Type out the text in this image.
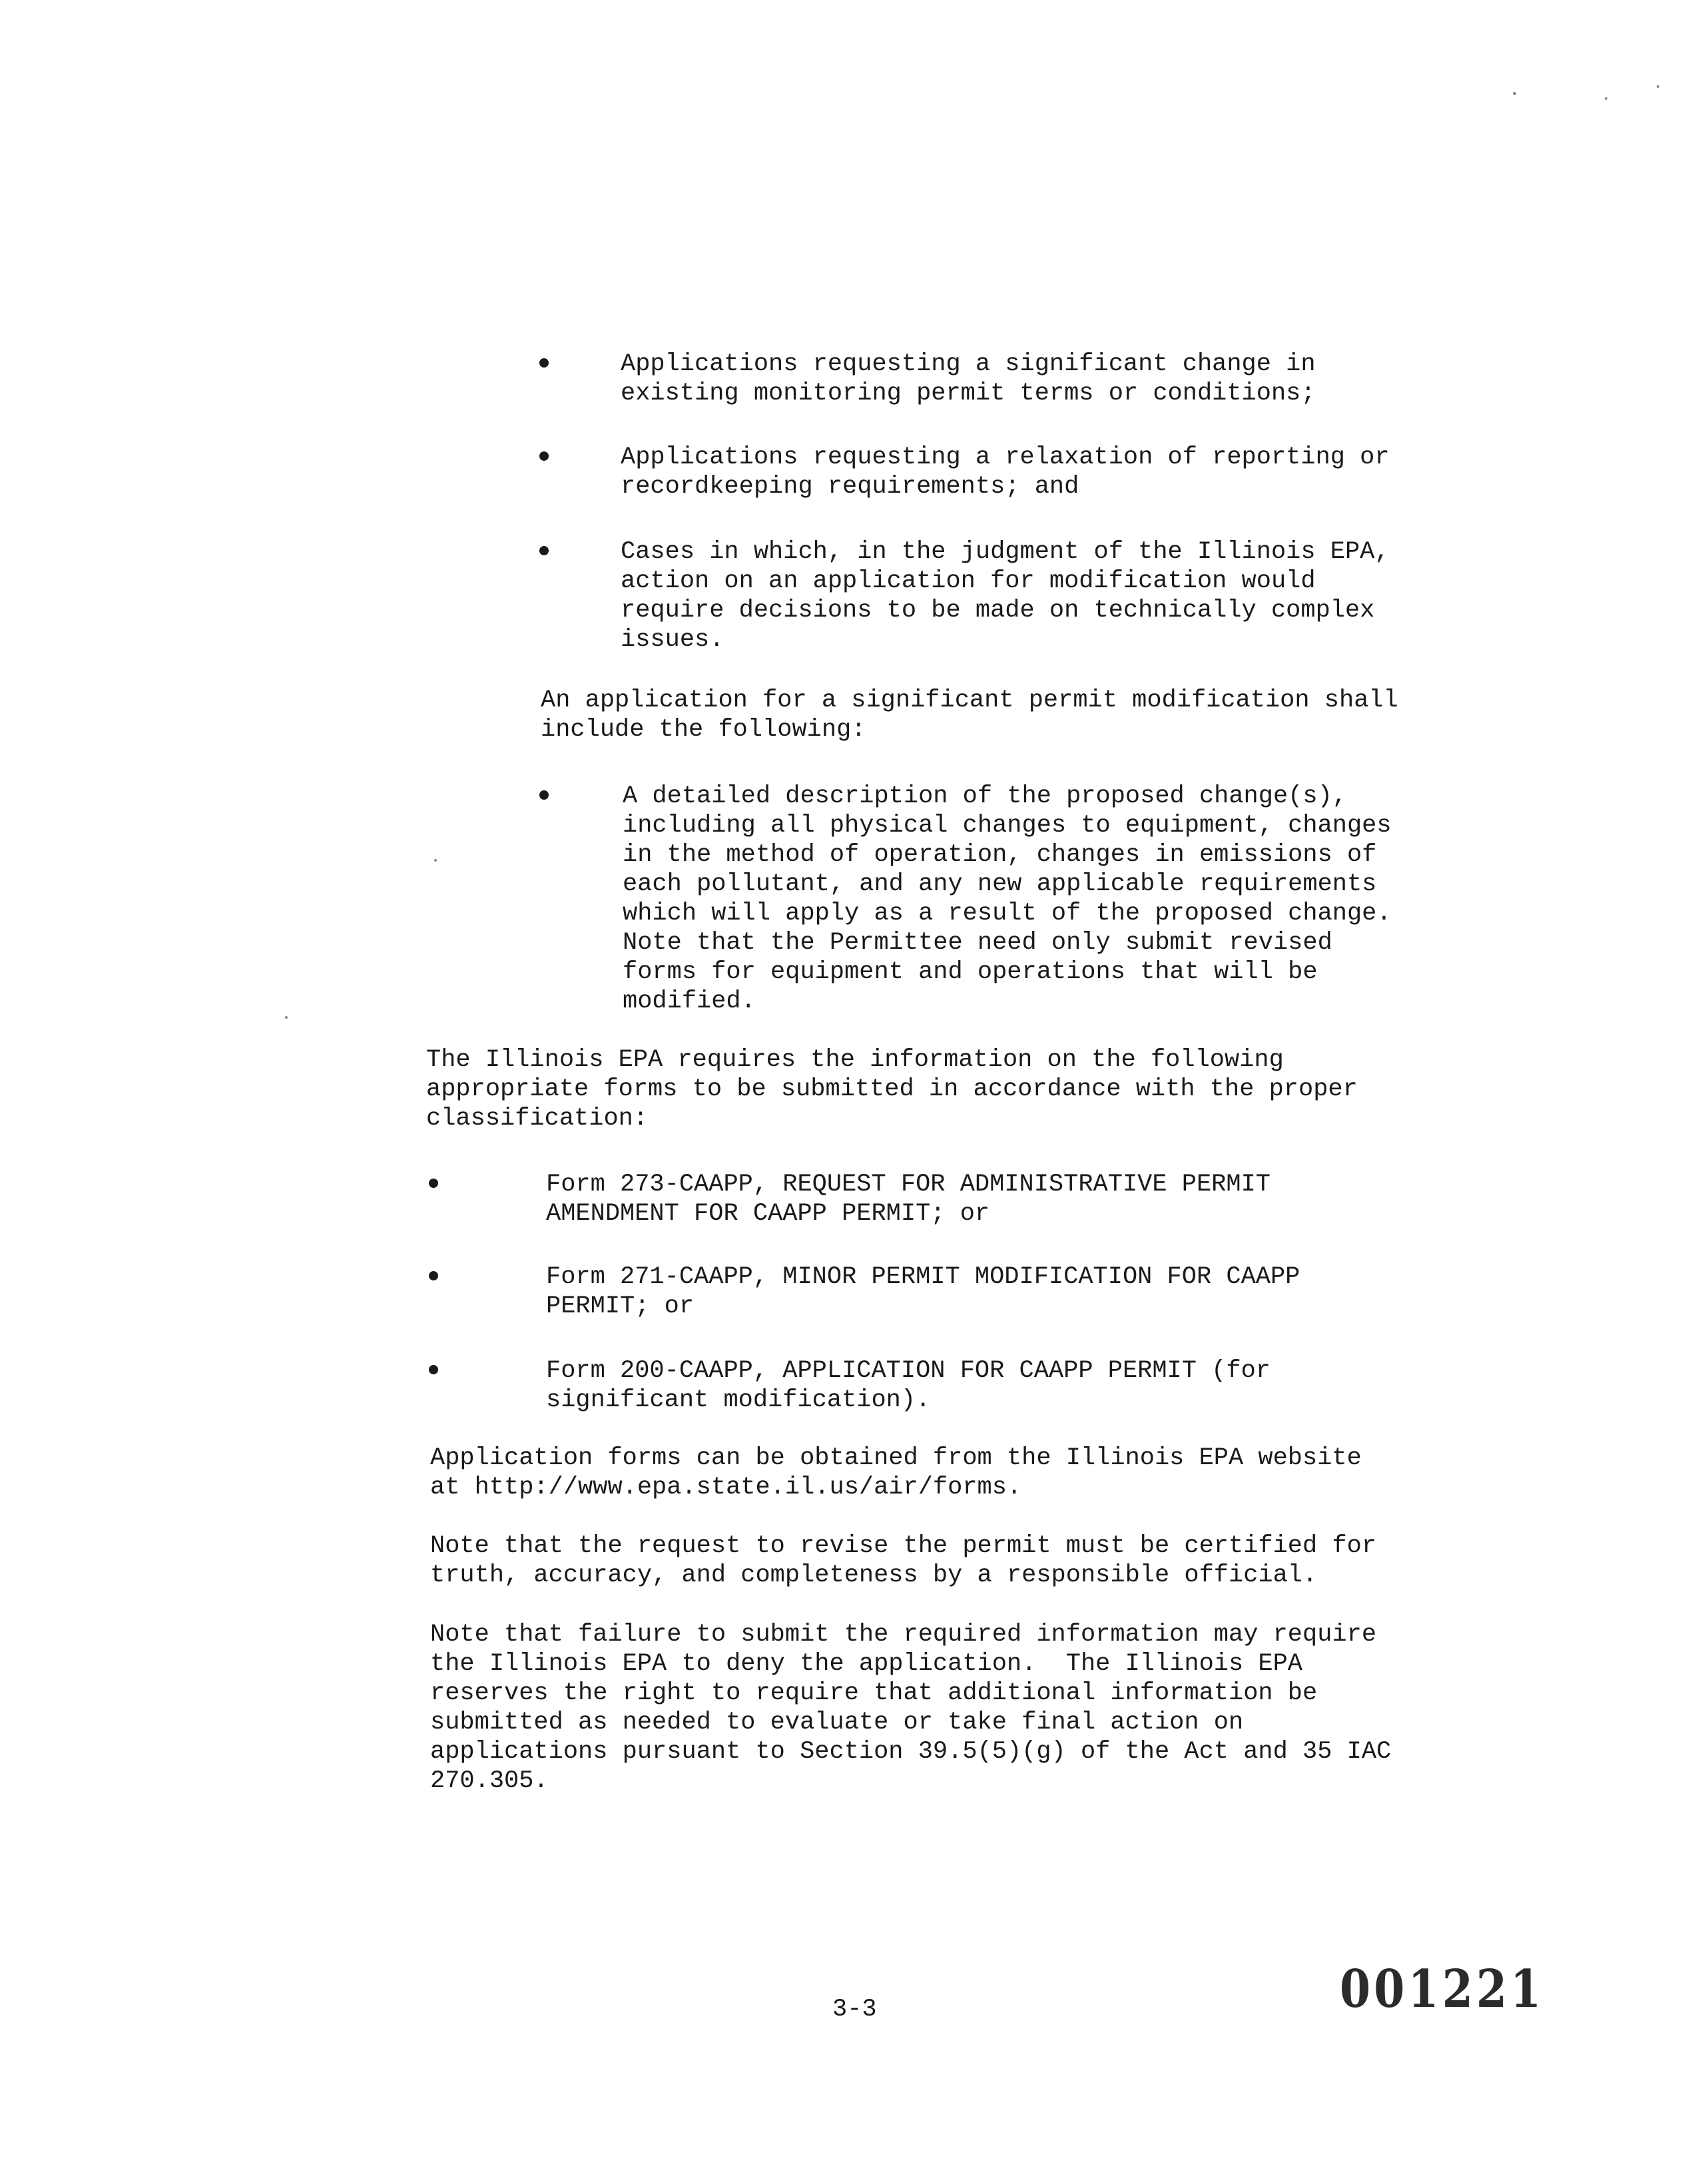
Applications requesting a significant change in
existing monitoring permit terms or conditions;
Applications requesting a relaxation of reporting or
recordkeeping requirements; and
Cases in which, in the judgment of the Illinois EPA,
action on an application for modification would
require decisions to be made on technically complex
issues.
An application for a significant permit modification shall
include the following:
A detailed description of the proposed change(s),
including all physical changes to equipment, changes
in the method of operation, changes in emissions of
each pollutant, and any new applicable requirements
which will apply as a result of the proposed change.
Note that the Permittee need only submit revised
forms for equipment and operations that will be
modified.
The Illinois EPA requires the information on the following
appropriate forms to be submitted in accordance with the proper
classification:
Form 273-CAAPP, REQUEST FOR ADMINISTRATIVE PERMIT
AMENDMENT FOR CAAPP PERMIT; or
Form 271-CAAPP, MINOR PERMIT MODIFICATION FOR CAAPP
PERMIT; or
Form 200-CAAPP, APPLICATION FOR CAAPP PERMIT (for
significant modification).
Application forms can be obtained from the Illinois EPA website
at http://www.epa.state.il.us/air/forms.
Note that the request to revise the permit must be certified for
truth, accuracy, and completeness by a responsible official.
Note that failure to submit the required information may require
the Illinois EPA to deny the application.  The Illinois EPA
reserves the right to require that additional information be
submitted as needed to evaluate or take final action on
applications pursuant to Section 39.5(5)(g) of the Act and 35 IAC
270.305.
3-3	001221
